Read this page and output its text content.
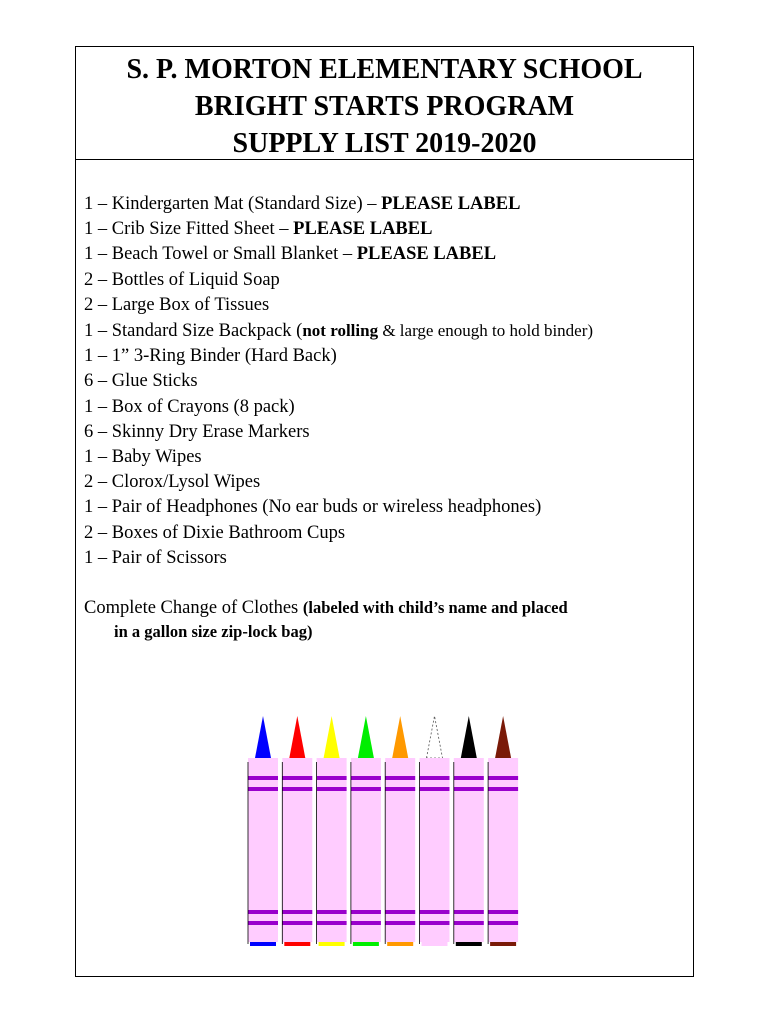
S. P. MORTON ELEMENTARY SCHOOL
BRIGHT STARTS PROGRAM
SUPPLY LIST 2019-2020
1 – Kindergarten Mat (Standard Size) – PLEASE LABEL
1 – Crib Size Fitted Sheet – PLEASE LABEL
1 – Beach Towel or Small Blanket – PLEASE LABEL
2 – Bottles of Liquid Soap
2 – Large Box of Tissues
1 – Standard Size Backpack (not rolling & large enough to hold binder)
1 – 1” 3-Ring Binder (Hard Back)
6 – Glue Sticks
1 – Box of Crayons (8 pack)
6 – Skinny Dry Erase Markers
1 – Baby Wipes
2 – Clorox/Lysol Wipes
1 – Pair of Headphones (No ear buds or wireless headphones)
2 – Boxes of Dixie Bathroom Cups
1 – Pair of Scissors
Complete Change of Clothes (labeled with child’s name and placed
in a gallon size zip-lock bag)
